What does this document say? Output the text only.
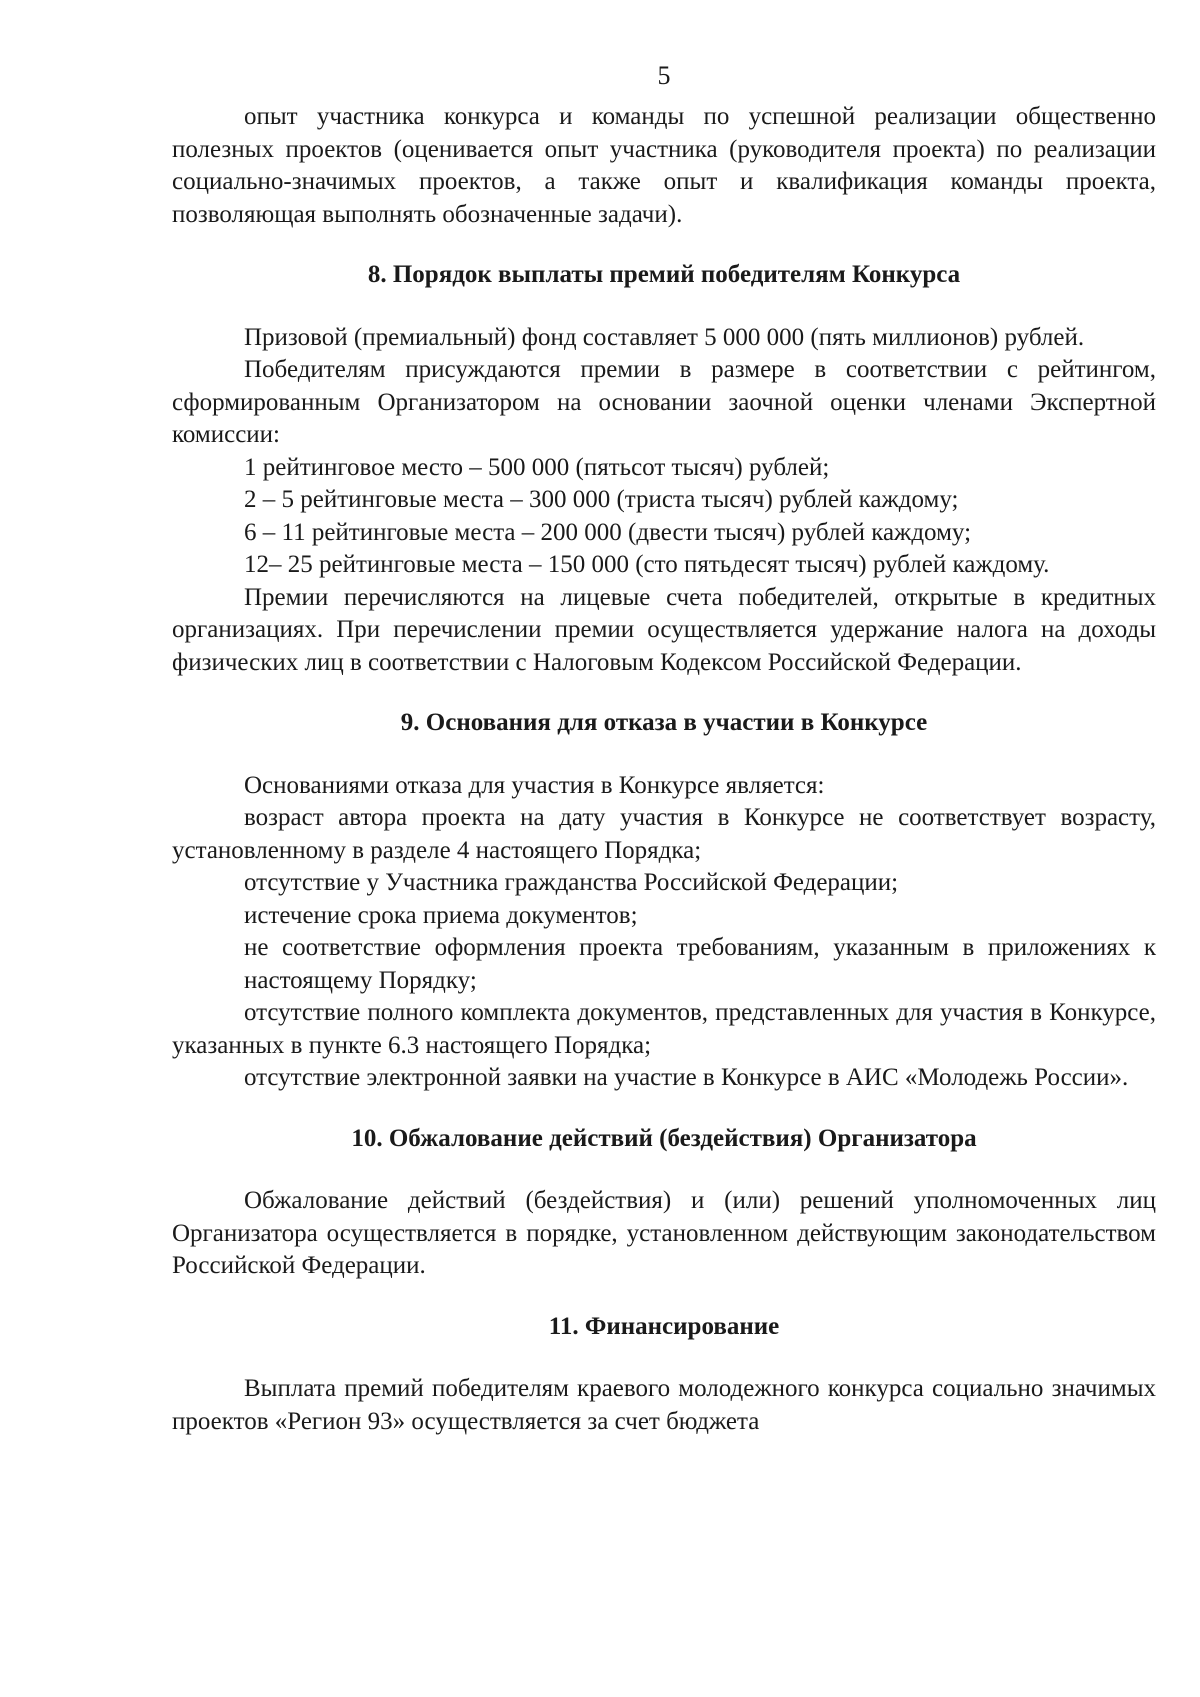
5

опыт участника конкурса и команды по успешной реализации общественно полезных проектов (оценивается опыт участника (руководителя проекта) по реализации социально-значимых проектов, а также опыт и квалификация команды проекта, позволяющая выполнять обозначенные задачи).

8. Порядок выплаты премий победителям Конкурса

Призовой (премиальный) фонд составляет 5 000 000 (пять миллионов) рублей.

Победителям присуждаются премии в размере в соответствии с рейтингом, сформированным Организатором на основании заочной оценки членами Экспертной комиссии:

1 рейтинговое место – 500 000 (пятьсот тысяч) рублей;

2 – 5 рейтинговые места – 300 000 (триста тысяч) рублей каждому;

6 – 11 рейтинговые места – 200 000 (двести тысяч) рублей каждому;

12– 25 рейтинговые места – 150 000 (сто пятьдесят тысяч) рублей каждому.

Премии перечисляются на лицевые счета победителей, открытые в кредитных организациях. При перечислении премии осуществляется удержание налога на доходы физических лиц в соответствии с Налоговым Кодексом Российской Федерации.

9. Основания для отказа в участии в Конкурсе

Основаниями отказа для участия в Конкурсе является:

возраст автора проекта на дату участия в Конкурсе не соответствует возрасту, установленному в разделе 4 настоящего Порядка;

отсутствие у Участника гражданства Российской Федерации;

истечение срока приема документов;

не соответствие оформления проекта требованиям, указанным в приложениях к настоящему Порядку;

отсутствие полного комплекта документов, представленных для участия в Конкурсе, указанных в пункте 6.3 настоящего Порядка;

отсутствие электронной заявки на участие в Конкурсе в АИС «Молодежь России».

10. Обжалование действий (бездействия) Организатора

Обжалование действий (бездействия) и (или) решений уполномоченных лиц Организатора осуществляется в порядке, установленном действующим законодательством Российской Федерации.

11. Финансирование

Выплата премий победителям краевого молодежного конкурса социально значимых проектов «Регион 93» осуществляется за счет бюджета
